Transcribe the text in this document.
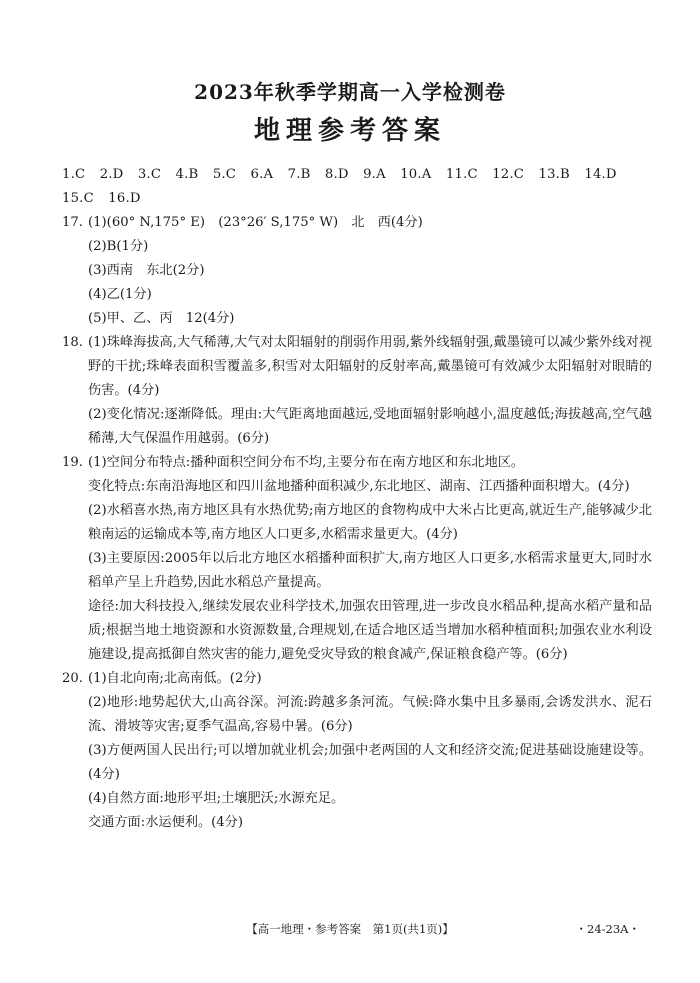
2023年秋季学期高一入学检测卷
地理参考答案
1.C 2.D 3.C 4.B 5.C 6.A 7.B 8.D 9.A 10.A 11.C 12.C 13.B 14.D
15.C 16.D
17. (1)(60° N,175° E)　(23°26′ S,175° W)　北　西(4分)
(2)B(1分)
(3)西南　东北(2分)
(4)乙(1分)
(5)甲、乙、丙　12(4分)
18. (1)珠峰海拔高,大气稀薄,大气对太阳辐射的削弱作用弱,紫外线辐射强,戴墨镜可以减少紫外线对视野的干扰;珠峰表面积雪覆盖多,积雪对太阳辐射的反射率高,戴墨镜可有效减少太阳辐射对眼睛的伤害。(4分)
(2)变化情况:逐渐降低。理由:大气距离地面越远,受地面辐射影响越小,温度越低;海拔越高,空气越稀薄,大气保温作用越弱。(6分)
19. (1)空间分布特点:播种面积空间分布不均,主要分布在南方地区和东北地区。
变化特点:东南沿海地区和四川盆地播种面积减少,东北地区、湖南、江西播种面积增大。(4分)
(2)水稻喜水热,南方地区具有水热优势;南方地区的食物构成中大米占比更高,就近生产,能够减少北粮南运的运输成本等,南方地区人口更多,水稻需求量更大。(4分)
(3)主要原因:2005年以后北方地区水稻播种面积扩大,南方地区人口更多,水稻需求量更大,同时水稻单产呈上升趋势,因此水稻总产量提高。
途径:加大科技投入,继续发展农业科学技术,加强农田管理,进一步改良水稻品种,提高水稻产量和品质;根据当地土地资源和水资源数量,合理规划,在适合地区适当增加水稻种植面积;加强农业水利设施建设,提高抵御自然灾害的能力,避免受灾导致的粮食减产,保证粮食稳产等。(6分)
20. (1)自北向南;北高南低。(2分)
(2)地形:地势起伏大,山高谷深。河流:跨越多条河流。气候:降水集中且多暴雨,会诱发洪水、泥石流、滑坡等灾害;夏季气温高,容易中暑。(6分)
(3)方便两国人民出行;可以增加就业机会;加强中老两国的人文和经济交流;促进基础设施建设等。(4分)
(4)自然方面:地形平坦;土壤肥沃;水源充足。
交通方面:水运便利。(4分)
【高一地理・参考答案　第1页(共1页)】	・24-23A・
